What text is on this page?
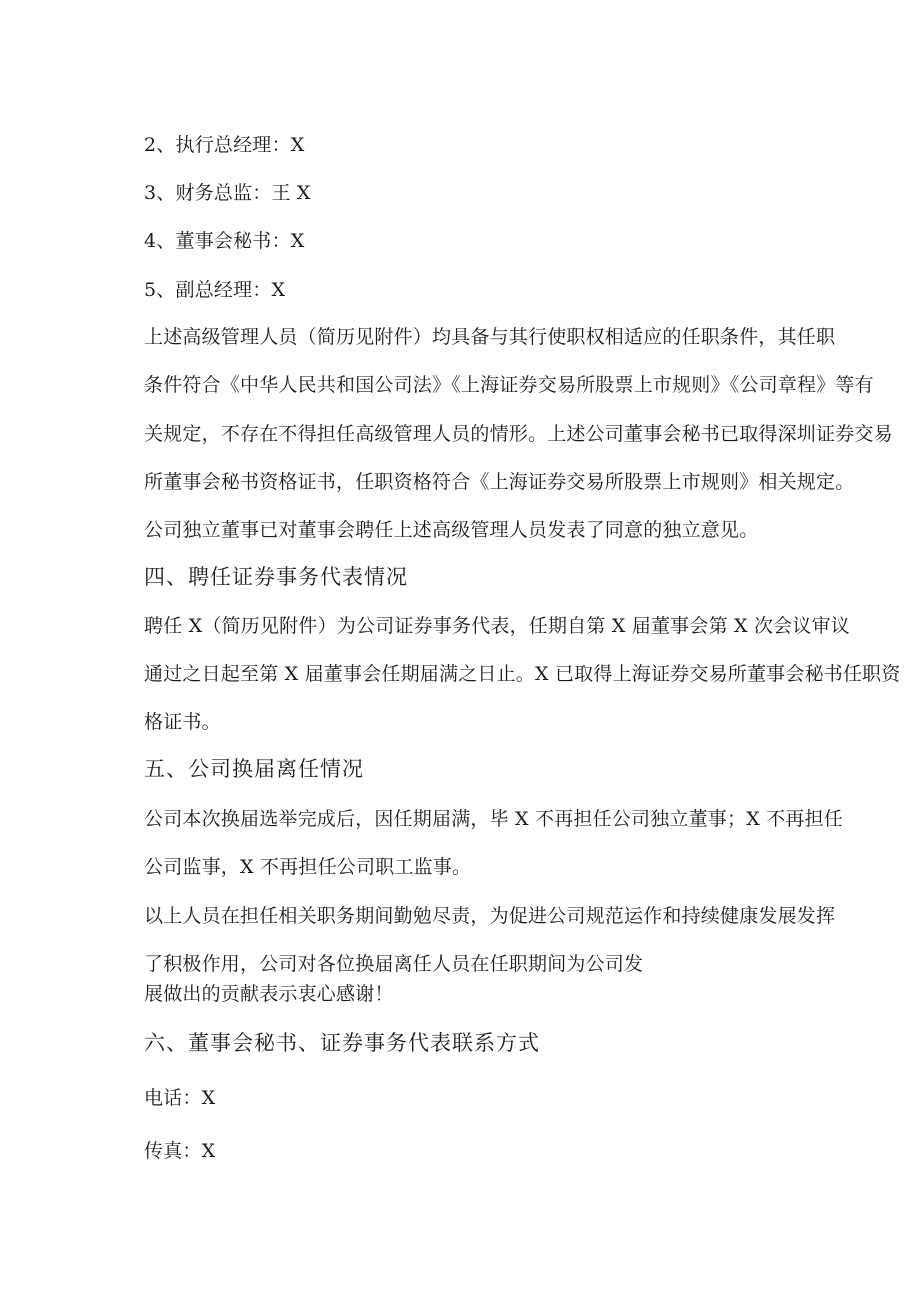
2、执行总经理：X
3、财务总监：王 X
4、董事会秘书：X
5、副总经理：X
上述高级管理人员（简历见附件）均具备与其行使职权相适应的任职条件，其任职
条件符合《中华人民共和国公司法》《上海证券交易所股票上市规则》《公司章程》等有
关规定，不存在不得担任高级管理人员的情形。上述公司董事会秘书已取得深圳证券交易
所董事会秘书资格证书，任职资格符合《上海证券交易所股票上市规则》相关规定。
公司独立董事已对董事会聘任上述高级管理人员发表了同意的独立意见。
四、聘任证券事务代表情况
聘任 X（简历见附件）为公司证券事务代表，任期自第 X 届董事会第 X 次会议审议
通过之日起至第 X 届董事会任期届满之日止。X 已取得上海证券交易所董事会秘书任职资
格证书。
五、公司换届离任情况
公司本次换届选举完成后，因任期届满，毕 X 不再担任公司独立董事；X 不再担任
公司监事，X 不再担任公司职工监事。
以上人员在担任相关职务期间勤勉尽责，为促进公司规范运作和持续健康发展发挥
了积极作用，公司对各位换届离任人员在任职期间为公司发
展做出的贡献表示衷心感谢！
六、董事会秘书、证券事务代表联系方式
电话：X
传真：X
